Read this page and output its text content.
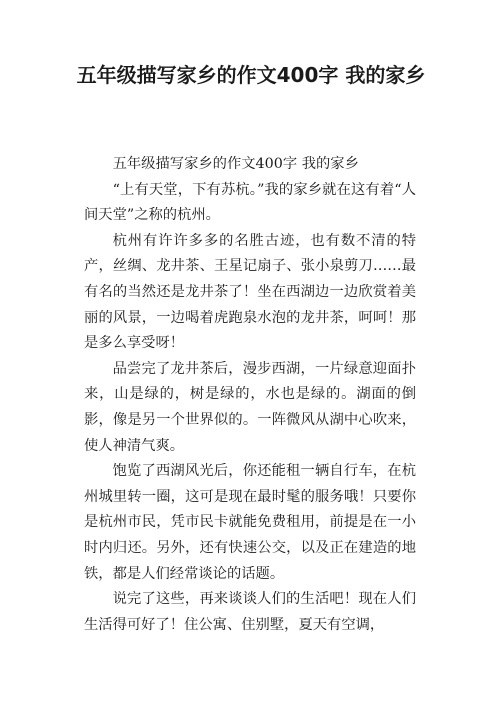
五年级描写家乡的作文400字 我的家乡

五年级描写家乡的作文400字 我的家乡

“上有天堂，下有苏杭。”我的家乡就在这有着“人间天堂”之称的杭州。

杭州有许许多多的名胜古迹，也有数不清的特产，丝绸、龙井茶、王星记扇子、张小泉剪刀……最有名的当然还是龙井茶了！坐在西湖边一边欣赏着美丽的风景，一边喝着虎跑泉水泡的龙井茶，呵呵！那是多么享受呀！

品尝完了龙井茶后，漫步西湖，一片绿意迎面扑来，山是绿的，树是绿的，水也是绿的。湖面的倒影，像是另一个世界似的。一阵微风从湖中心吹来，使人神清气爽。

饱览了西湖风光后，你还能租一辆自行车，在杭州城里转一圈，这可是现在最时髦的服务哦！只要你是杭州市民，凭市民卡就能免费租用，前提是在一小时内归还。另外，还有快速公交，以及正在建造的地铁，都是人们经常谈论的话题。

说完了这些，再来谈谈人们的生活吧！现在人们生活得可好了！住公寓、住别墅，夏天有空调，
